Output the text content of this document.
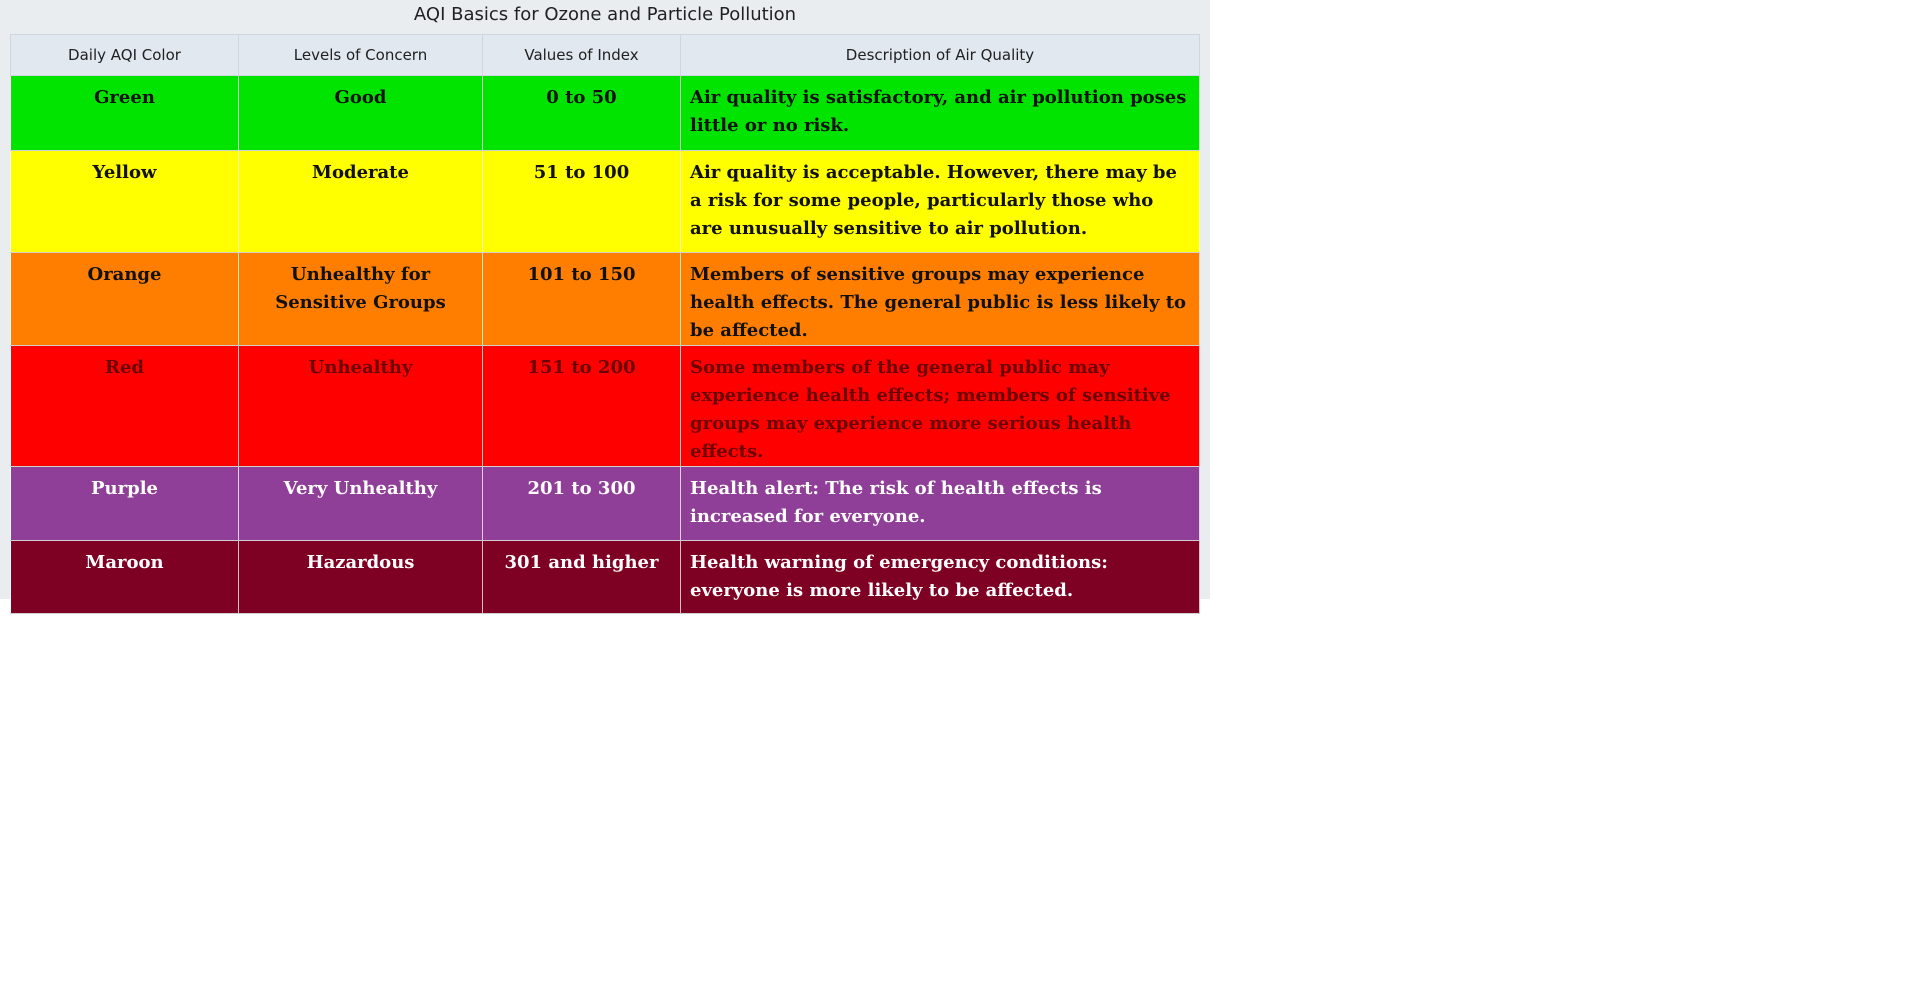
AQI Basics for Ozone and Particle Pollution
Daily AQI Color	Levels of Concern	Values of Index	Description of Air Quality
Green	Good	0 to 50	Air quality is satisfactory, and air pollution poses little or no risk.
Yellow	Moderate	51 to 100	Air quality is acceptable. However, there may be a risk for some people, particularly those who are unusually sensitive to air pollution.
Orange	Unhealthy for Sensitive Groups	101 to 150	Members of sensitive groups may experience health effects. The general public is less likely to be affected.
Red	Unhealthy	151 to 200	Some members of the general public may experience health effects; members of sensitive groups may experience more serious health effects.
Purple	Very Unhealthy	201 to 300	Health alert: The risk of health effects is increased for everyone.
Maroon	Hazardous	301 and higher	Health warning of emergency conditions: everyone is more likely to be affected.
